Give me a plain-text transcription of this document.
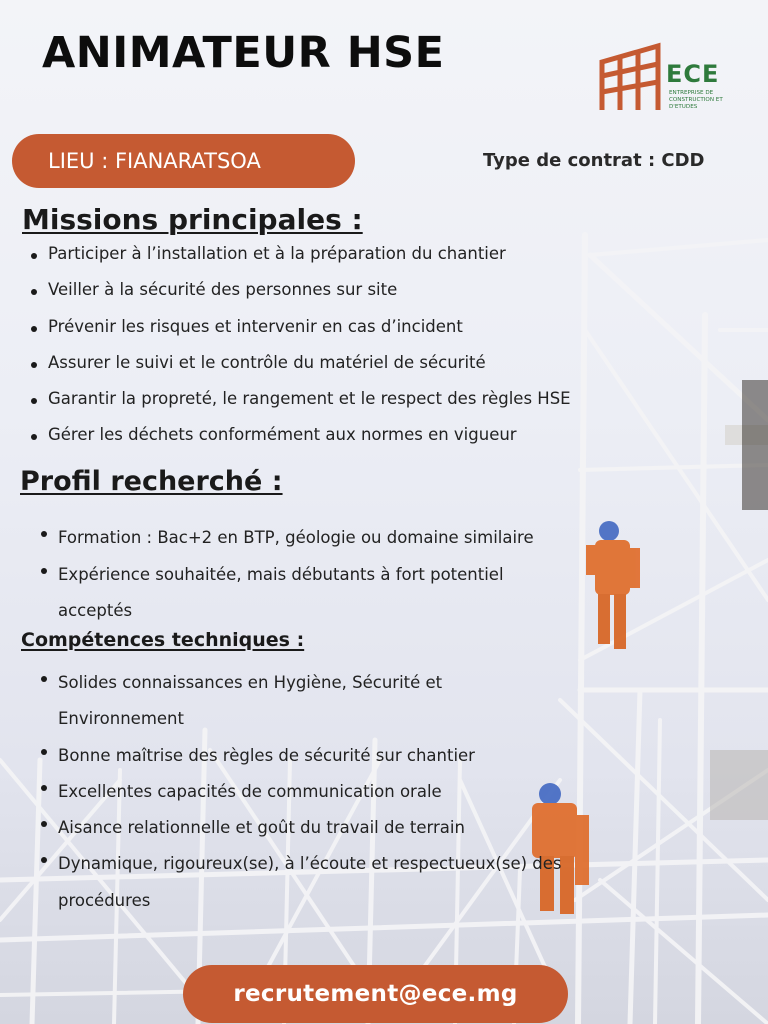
ANIMATEUR HSE	ECE
ENTREPRISE DE CONSTRUCTION ET D'ETUDES
LIEU : FIANARATSOA	Type de contrat : CDD
Missions principales :
Participer à l’installation et à la préparation du chantier
Veiller à la sécurité des personnes sur site
Prévenir les risques et intervenir en cas d’incident
Assurer le suivi et le contrôle du matériel de sécurité
Garantir la propreté, le rangement et le respect des règles HSE
Gérer les déchets conformément aux normes en vigueur
Profil recherché :
Formation : Bac+2 en BTP, géologie ou domaine similaire
Expérience souhaitée, mais débutants à fort potentiel acceptés
Compétences techniques :
Solides connaissances en Hygiène, Sécurité et Environnement
Bonne maîtrise des règles de sécurité sur chantier
Excellentes capacités de communication orale
Aisance relationnelle et goût du travail de terrain
Dynamique, rigoureux(se), à l’écoute et respectueux(se) des procédures
recrutement@ece.mg
